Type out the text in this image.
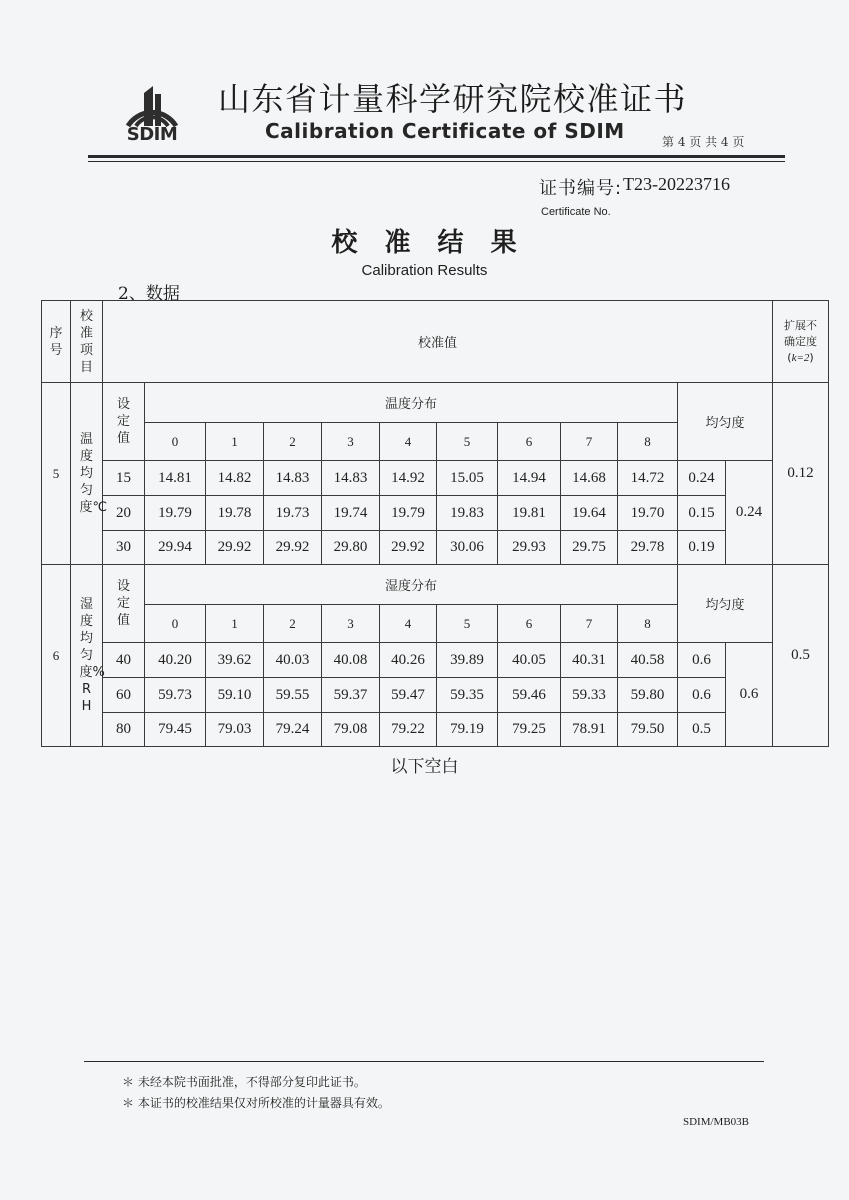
SDIM
山东省计量科学研究院校准证书
Calibration Certificate of SDIM	第 4 页 共 4 页
证书编号: T23-20223716
Certificate No.
校 准 结 果
Calibration Results
2、数据
序号	校准项目	校准值												扩展不
确定度
(k=2)

5	温度均匀度℃	设定值	温度分布									均匀度		0.12
			0	1	2	3	4	5	6	7	8			
		15	14.81	14.82	14.83	14.83	14.92	15.05	14.94	14.68	14.72	0.24	0.24	
		20	19.79	19.78	19.73	19.74	19.79	19.83	19.81	19.64	19.70	0.15		
		30	29.94	29.92	29.92	29.80	29.92	30.06	29.93	29.75	29.78	0.19		
6	湿度均匀度%RH	设定值	湿度分布									均匀度		0.5
			0	1	2	3	4	5	6	7	8			
		40	40.20	39.62	40.03	40.08	40.26	39.89	40.05	40.31	40.58	0.6	0.6	
		60	59.73	59.10	59.55	59.37	59.47	59.35	59.46	59.33	59.80	0.6		
		80	79.45	79.03	79.24	79.08	79.22	79.19	79.25	78.91	79.50	0.5		
以下空白
＊ 未经本院书面批准，不得部分复印此证书。
＊ 本证书的校准结果仅对所校准的计量器具有效。
SDIM/MB03B
